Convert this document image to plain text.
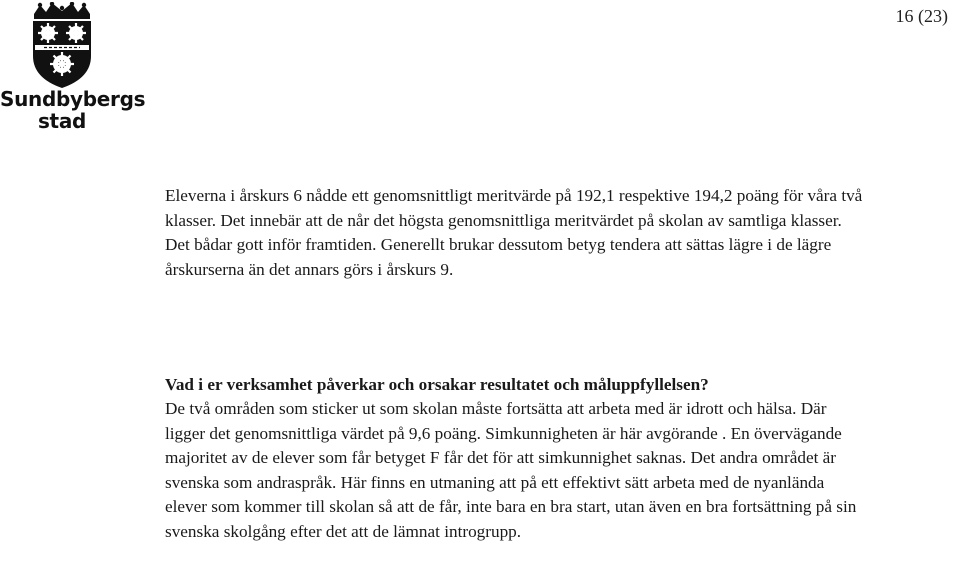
Sundbybergs
stad
16 (23)

Eleverna i årskurs 6 nådde ett genomsnittligt meritvärde på 192,1 respektive 194,2 poäng för våra två klasser. Det innebär att de når det högsta genomsnittliga meritvärdet på skolan av samtliga klasser. Det bådar gott inför framtiden. Generellt brukar dessutom betyg tendera att sättas lägre i de lägre årskurserna än det annars görs i årskurs 9.

Vad i er verksamhet påverkar och orsakar resultatet och måluppfyllelsen?

De två områden som sticker ut som skolan måste fortsätta att arbeta med är idrott och hälsa. Där ligger det genomsnittliga värdet på 9,6 poäng. Simkunnigheten är här avgörande . En övervägande majoritet av de elever som får betyget F får det för att simkunnighet saknas. Det andra området är svenska som andraspråk. Här finns en utmaning att på ett effektivt sätt arbeta med de nyanlända elever som kommer till skolan så att de får, inte bara en bra start, utan även en bra fortsättning på sin svenska skolgång efter det att de lämnat introgrupp.
